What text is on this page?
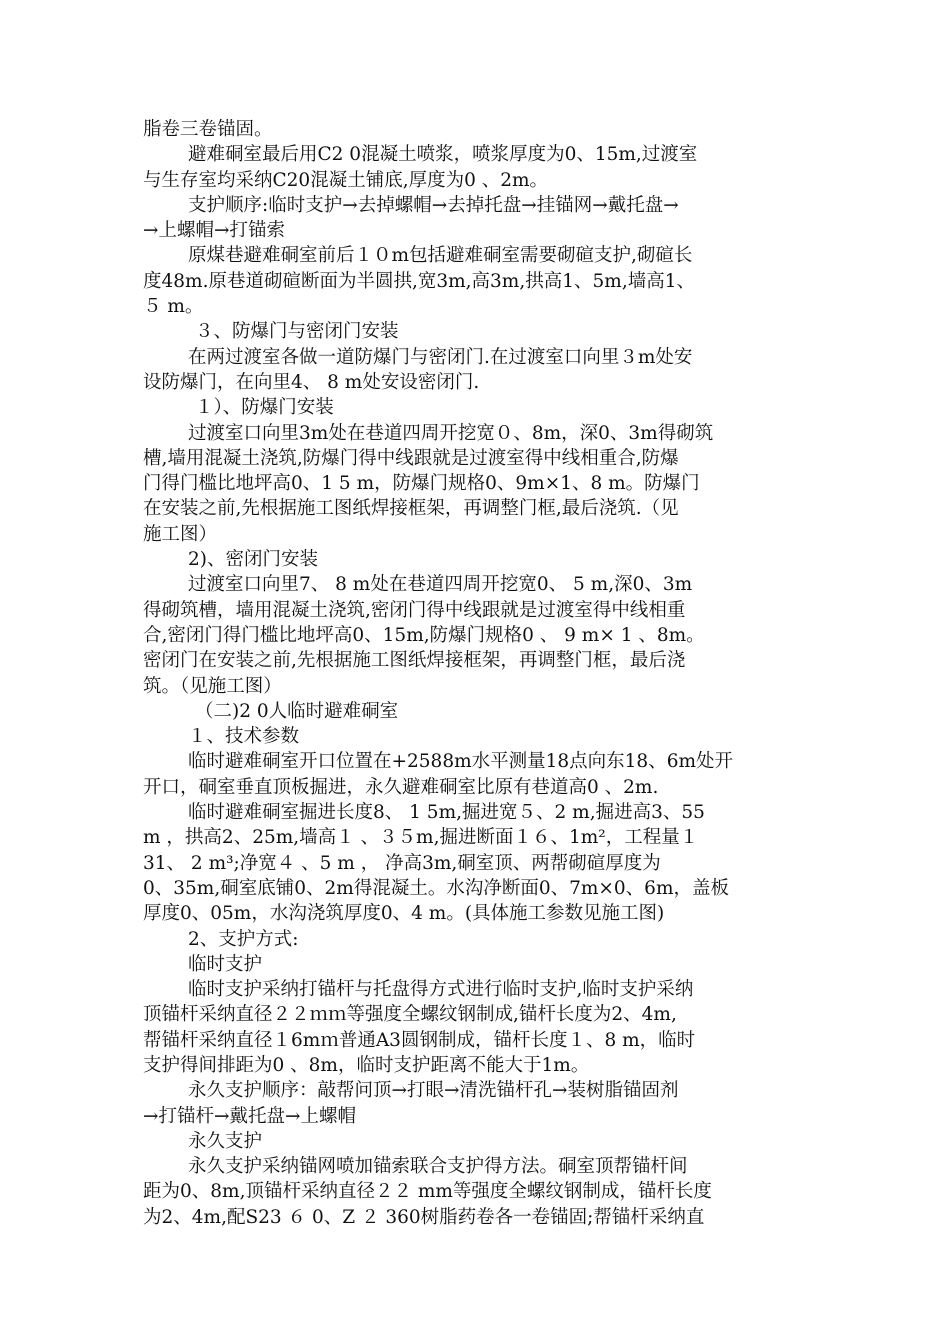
脂卷三卷锚固。
避难硐室最后用C2 0混凝土喷浆，喷浆厚度为0、15m,过渡室
与生存室均采纳C20混凝土铺底,厚度为0 、2m。
支护顺序:临时支护→去掉螺帽→去掉托盘→挂锚网→戴托盘→
→上螺帽→打锚索
原煤巷避难硐室前后１０m包括避难硐室需要砌碹支护,砌碹长
度48m.原巷道砌碹断面为半圆拱,宽3m,高3m,拱高1、5m,墙高1、
５ m。
３、防爆门与密闭门安装
在两过渡室各做一道防爆门与密闭门.在过渡室口向里３m处安
设防爆门，在向里4、 8 m处安设密闭门.
１）、防爆门安装
过渡室口向里3m处在巷道四周开挖宽０、8m，深0、3m得砌筑
槽,墙用混凝土浇筑,防爆门得中线跟就是过渡室得中线相重合,防爆
门得门槛比地坪高0、1 5 m，防爆门规格0、9m×1、8 m。防爆门
在安装之前,先根据施工图纸焊接框架，再调整门框,最后浇筑.（见
施工图）
2)、密闭门安装
过渡室口向里7、 8 m处在巷道四周开挖宽0、 5 m,深0、3m
得砌筑槽，墙用混凝土浇筑,密闭门得中线跟就是过渡室得中线相重
合,密闭门得门槛比地坪高0、15m,防爆门规格0 、 9 m× 1 、8m。
密闭门在安装之前,先根据施工图纸焊接框架，再调整门框，最后浇
筑。（见施工图）
（二)2 0人临时避难硐室
１、技术参数
临时避难硐室开口位置在+2588m水平测量18点向东18、6m处开
开口，硐室垂直顶板掘进，永久避难硐室比原有巷道高0 、2m.
临时避难硐室掘进长度8、 1 5m,掘进宽５、2 m,掘进高3、55
m ，拱高2、25m,墙高１ 、３５m,掘进断面１６、1m²，工程量１
31、 2 m³;净宽４ 、5 m ， 净高3m,硐室顶、两帮砌碹厚度为
0、35m,硐室底铺0、2m得混凝土。水沟净断面0、7m×0、6m，盖板
厚度0、05m，水沟浇筑厚度0、4 m。(具体施工参数见施工图)
2、支护方式:
临时支护
临时支护采纳打锚杆与托盘得方式进行临时支护,临时支护采纳
顶锚杆采纳直径２２ｍｍ等强度全螺纹钢制成,锚杆长度为2、4m,
帮锚杆采纳直径１6mｍ普通A3圆钢制成，锚杆长度１、8 m，临时
支护得间排距为0 、8m，临时支护距离不能大于1m。
永久支护顺序：敲帮问顶→打眼→清洗锚杆孔→装树脂锚固剂
→打锚杆→戴托盘→上螺帽
永久支护
永久支护采纳锚网喷加锚索联合支护得方法。硐室顶帮锚杆间
距为0、8m,顶锚杆采纳直径２２ mm等强度全螺纹钢制成，锚杆长度
为2、4m,配S23 ６ 0、Z ２ 360树脂药卷各一卷锚固;帮锚杆采纳直
